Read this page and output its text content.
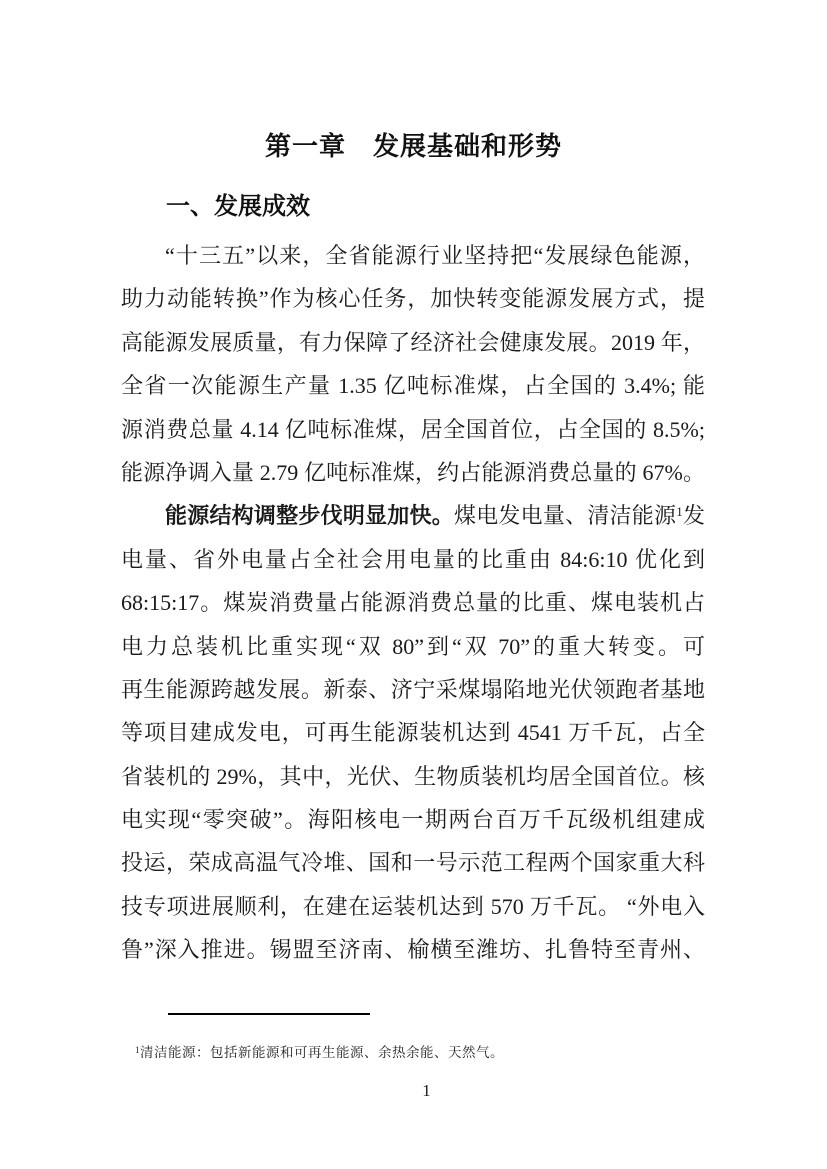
第一章　发展基础和形势
一、发展成效
“十三五”以来，全省能源行业坚持把“发展绿色能源，
助力动能转换”作为核心任务，加快转变能源发展方式，提
高能源发展质量，有力保障了经济社会健康发展。2019 年，
全省一次能源生产量 1.35 亿吨标准煤，占全国的 3.4%; 能
源消费总量 4.14 亿吨标准煤，居全国首位，占全国的 8.5%;
能源净调入量 2.79 亿吨标准煤，约占能源消费总量的 67%。
能源结构调整步伐明显加快。煤电发电量、清洁能源$^1$发
电量、省外电量占全社会用电量的比重由 84:6:10 优化到
68:15:17。煤炭消费量占能源消费总量的比重、煤电装机占
电力总装机比重实现“双 80”到“双 70”的重大转变。可
再生能源跨越发展。新泰、济宁采煤塌陷地光伏领跑者基地
等项目建成发电，可再生能源装机达到 4541 万千瓦，占全
省装机的 29%，其中，光伏、生物质装机均居全国首位。核
电实现“零突破”。海阳核电一期两台百万千瓦级机组建成
投运，荣成高温气冷堆、国和一号示范工程两个国家重大科
技专项进展顺利，在建在运装机达到 570 万千瓦。 “外电入
鲁”深入推进。锡盟至济南、榆横至潍坊、扎鲁特至青州、
$^1$清洁能源：包括新能源和可再生能源、余热余能、天然气。
1
